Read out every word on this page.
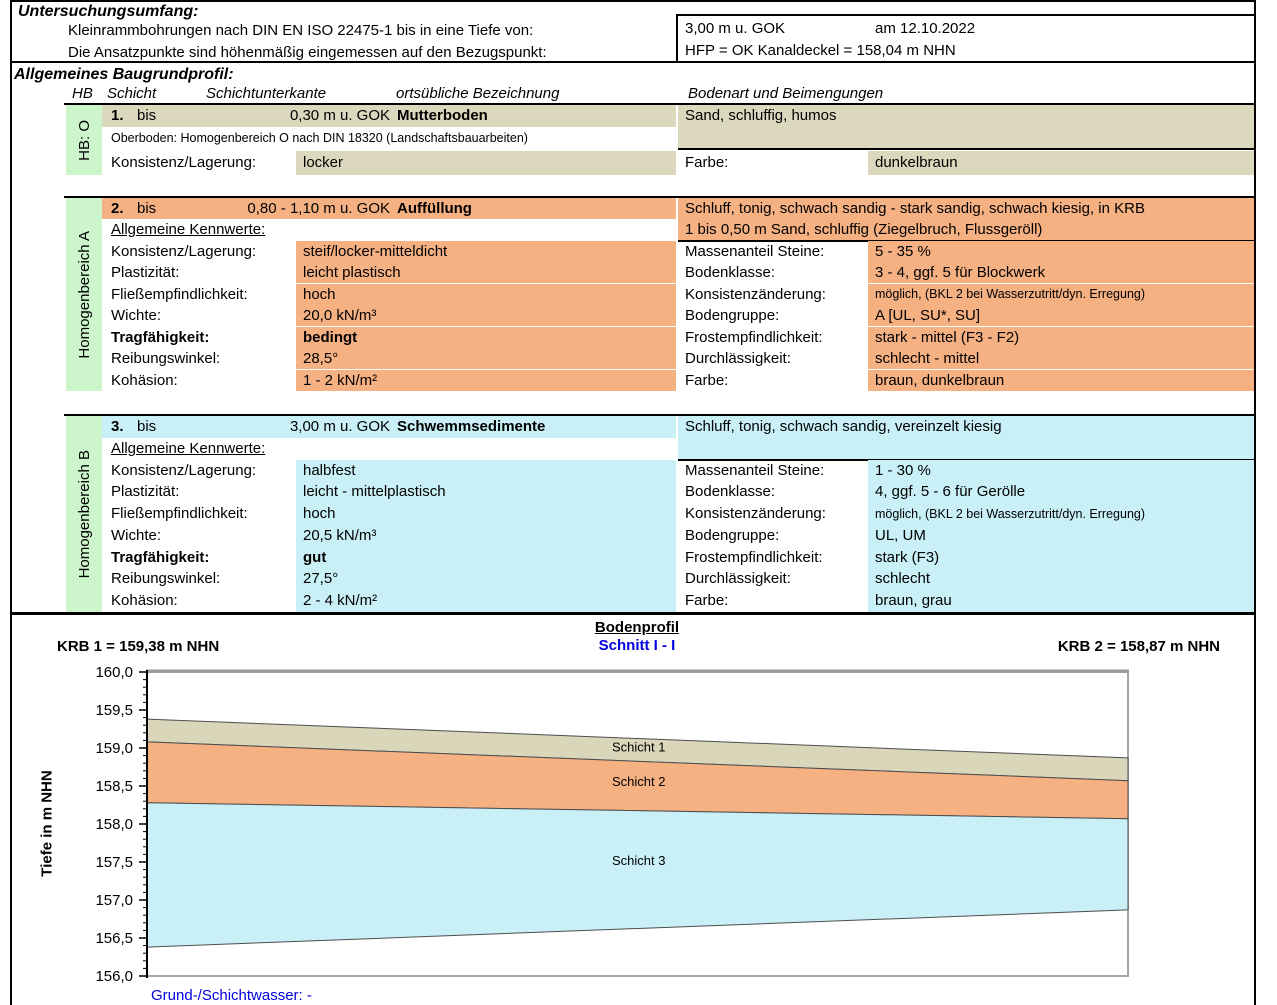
Untersuchungsumfang:
Kleinrammbohrungen nach DIN EN ISO 22475-1 bis in eine Tiefe von:
Die Ansatzpunkte sind höhenmäßig eingemessen auf den Bezugspunkt:
3,00 m u. GOK	am 12.10.2022
HFP = OK Kanaldeckel = 158,04 m NHN
Allgemeines Baugrundprofil:
HB Schicht	Schichtunterkante	ortsübliche Bezeichnung	Bodenart und Beimengungen
Bodenprofil
Schnitt I - I
KRB 1 = 159,38 m NHN	KRB 2 = 158,87 m NHN
Tiefe in m NHN
Grund-/Schichtwasser: -
Schicht 1
Schicht 2
Schicht 3
160,0
159,5
159,0
158,5
158,0
157,5
157,0
156,5
156,0
HB: O
1. bis	0,30 m u. GOK Mutterboden	Sand, schluffig, humos
Oberboden: Homogenbereich O nach DIN 18320 (Landschaftsbauarbeiten)
Konsistenz/Lagerung:	locker	Farbe:	dunkelbraun
Homogenbereich A
2. bis	0,80 - 1,10 m u. GOK Auffüllung	Schluff, tonig, schwach sandig - stark sandig, schwach kiesig, in KRB
1 bis 0,50 m Sand, schluffig (Ziegelbruch, Flussgeröll)
Allgemeine Kennwerte:
Konsistenz/Lagerung:	steif/locker-mitteldicht	Massenanteil Steine:	5 - 35 %
Plastizität:	leicht plastisch	Bodenklasse:	3 - 4, ggf. 5 für Blockwerk
Fließempfindlichkeit:	hoch	Konsistenzänderung:	möglich, (BKL 2 bei Wasserzutritt/dyn. Erregung)
Wichte:	20,0 kN/m³	Bodengruppe:	A [UL, SU*, SU]
Tragfähigkeit:	bedingt	Frostempfindlichkeit:	stark - mittel (F3 - F2)
Reibungswinkel:	28,5°	Durchlässigkeit:	schlecht - mittel
Kohäsion:	1 - 2 kN/m²	Farbe:	braun, dunkelbraun
Homogenbereich B
3. bis	3,00 m u. GOK Schwemmsedimente	Schluff, tonig, schwach sandig, vereinzelt kiesig
Allgemeine Kennwerte:
Konsistenz/Lagerung:	halbfest	Massenanteil Steine:	1 - 30 %
Plastizität:	leicht - mittelplastisch	Bodenklasse:	4, ggf. 5 - 6 für Gerölle
Fließempfindlichkeit:	hoch	Konsistenzänderung:	möglich, (BKL 2 bei Wasserzutritt/dyn. Erregung)
Wichte:	20,5 kN/m³	Bodengruppe:	UL, UM
Tragfähigkeit:	gut	Frostempfindlichkeit:	stark (F3)
Reibungswinkel:	27,5°	Durchlässigkeit:	schlecht
Kohäsion:	2 - 4 kN/m²	Farbe:	braun, grau
